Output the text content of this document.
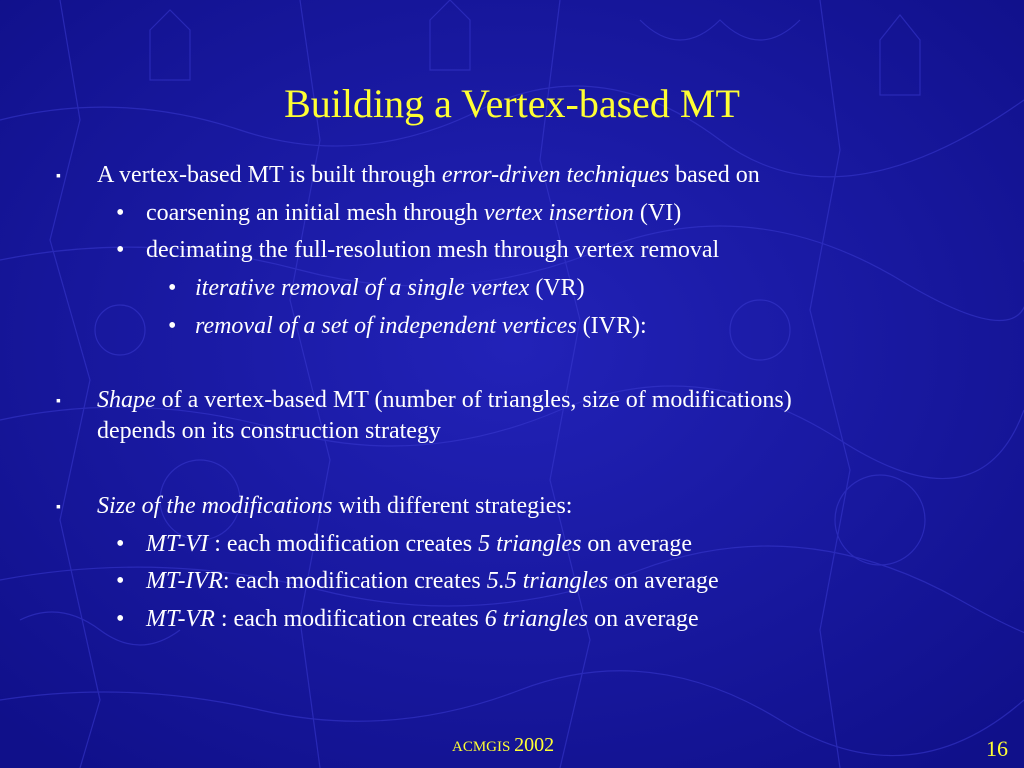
Building a Vertex-based MT
▪ A vertex-based MT is built through error-driven techniques based on
• coarsening an initial mesh through vertex insertion (VI)
• decimating the full-resolution mesh through vertex removal
• iterative removal of a single vertex (VR)
• removal of a set of independent vertices (IVR):
▪ Shape of a vertex-based MT (number of triangles, size of modifications)
depends on its construction strategy
▪ Size of the modifications with different strategies:
• MT-VI : each modification creates 5 triangles on average
• MT-IVR: each modification creates 5.5 triangles on average
• MT-VR : each modification creates 6 triangles on average
ACMGIS 2002	16
